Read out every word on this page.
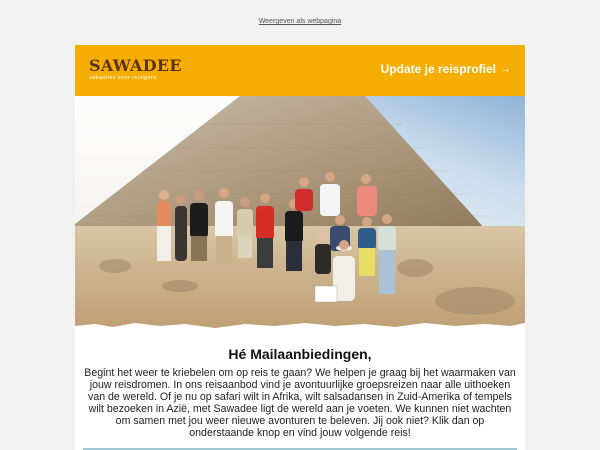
Weergeven als webpagina
SAWADEE
vakanties voor reizigers
Update je reisprofiel →
Hé Mailaanbiedingen,
Begint het weer te kriebelen om op reis te gaan? We helpen je graag bij het waarmaken van jouw reisdromen. In ons reisaanbod vind je avontuurlijke groepsreizen naar alle uithoeken van de wereld. Of je nu op safari wilt in Afrika, wilt salsadansen in Zuid-Amerika of tempels wilt bezoeken in Azië, met Sawadee ligt de wereld aan je voeten. We kunnen niet wachten om samen met jou weer nieuwe avonturen te beleven. Jij ook niet? Klik dan op onderstaande knop en vind jouw volgende reis!
